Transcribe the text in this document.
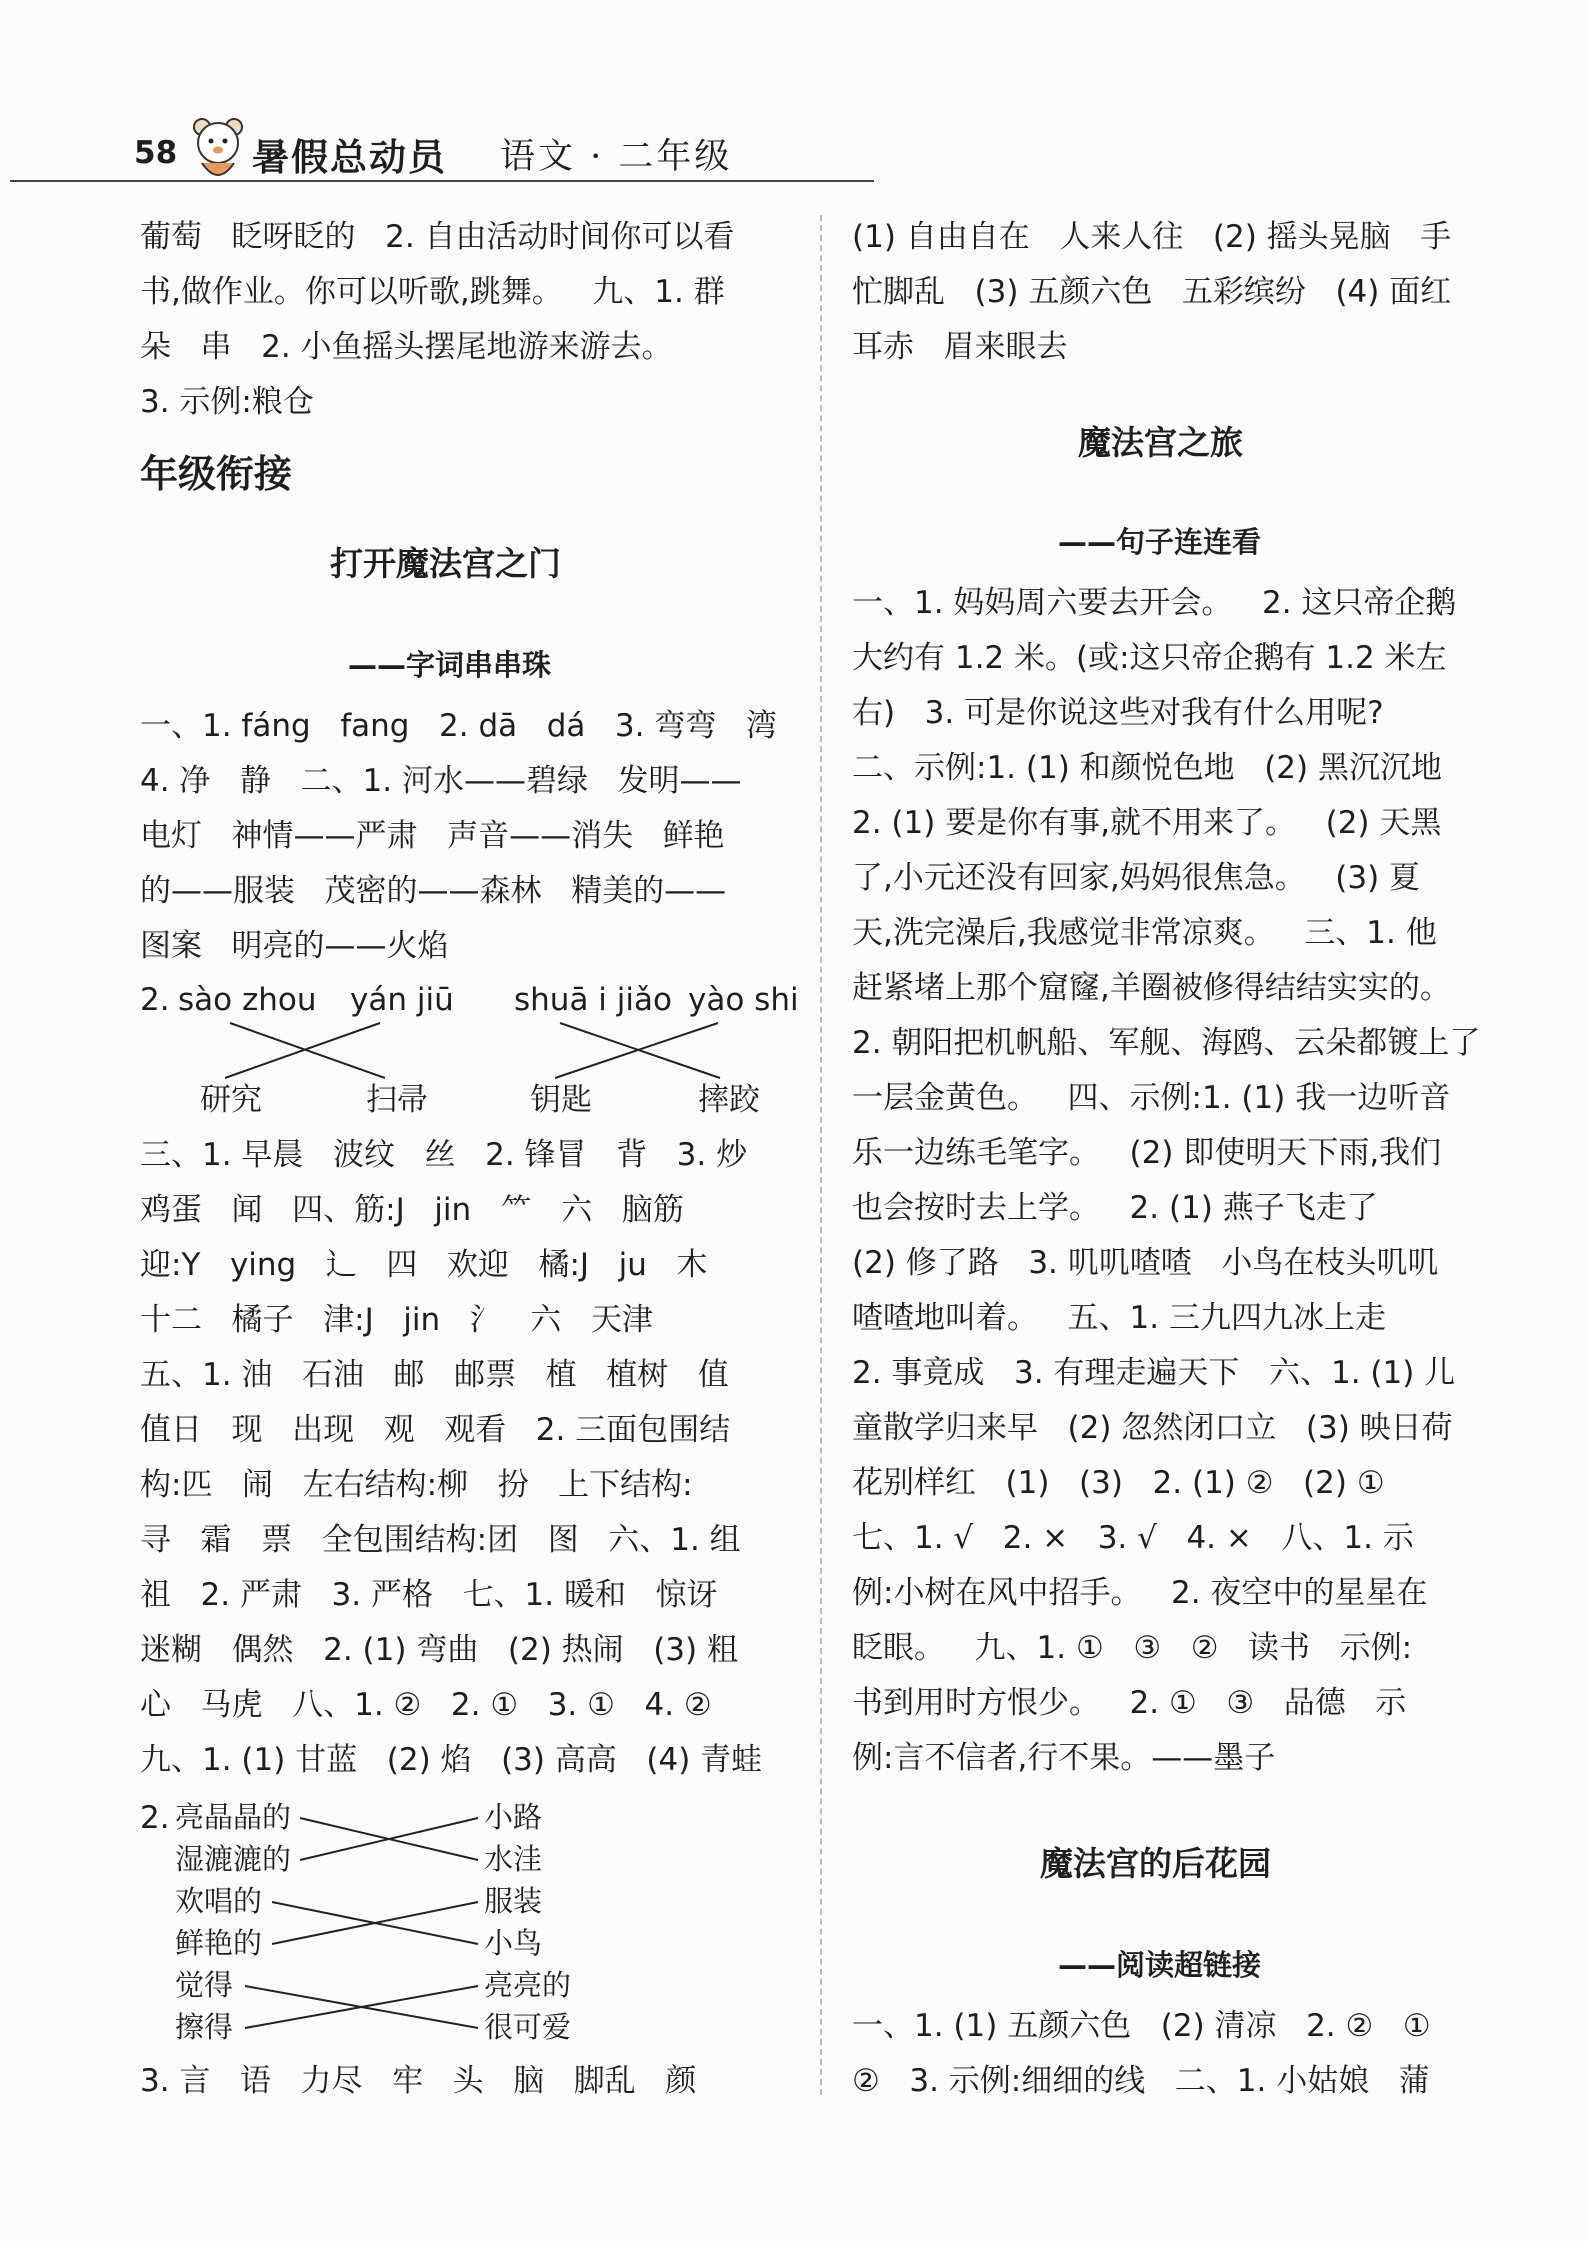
58 暑假总动员 语文 · 二年级
葡萄   眨呀眨的   2. 自由活动时间你可以看
书,做作业。你可以听歌,跳舞。   九、1. 群
朵   串   2. 小鱼摇头摆尾地游来游去。
3. 示例:粮仓
年级衔接
打开魔法宫之门
——字词串串珠
一、1. fáng   fang   2. dā   dá   3. 弯弯   湾
4. 净   静   二、1. 河水——碧绿   发明——
电灯   神情——严肃   声音——消失   鲜艳
的——服装   茂密的——森林   精美的——
图案   明亮的——火焰
2. sào zhou yán jiū shuā i jiǎo yào shi
研究	扫帚	钥匙	摔跤
三、1. 早晨   波纹   丝   2. 锋冒   背   3. 炒
鸡蛋   闻   四、筋:J   jin   ⺮   六   脑筋
迎:Y   ying   ⻌   四   欢迎   橘:J   ju   木
十二   橘子   津:J   jin   氵   六   天津
五、1. 油   石油   邮   邮票   植   植树   值
值日   现   出现   观   观看   2. 三面包围结
构:匹   闹   左右结构:柳   扮   上下结构:
寻   霜   票   全包围结构:团   图   六、1. 组
祖   2. 严肃   3. 严格   七、1. 暖和   惊讶
迷糊   偶然   2. (1) 弯曲   (2) 热闹   (3) 粗
心   马虎   八、1. ②   2. ①   3. ①   4. ②
九、1. (1) 甘蓝   (2) 焰   (3) 高高   (4) 青蛙
2. 亮晶晶的
湿漉漉的
欢唱的
鲜艳的
觉得
擦得
小路
水洼
服装
小鸟
亮亮的
很可爱
3. 言   语   力尽   牢   头   脑   脚乱   颜
(1) 自由自在   人来人往   (2) 摇头晃脑   手
忙脚乱   (3) 五颜六色   五彩缤纷   (4) 面红
耳赤   眉来眼去
魔法宫之旅
——句子连连看
一、1. 妈妈周六要去开会。   2. 这只帝企鹅
大约有 1.2 米。(或:这只帝企鹅有 1.2 米左
右)   3. 可是你说这些对我有什么用呢?
二、示例:1. (1) 和颜悦色地   (2) 黑沉沉地
2. (1) 要是你有事,就不用来了。   (2) 天黑
了,小元还没有回家,妈妈很焦急。   (3) 夏
天,洗完澡后,我感觉非常凉爽。   三、1. 他
赶紧堵上那个窟窿,羊圈被修得结结实实的。
2. 朝阳把机帆船、军舰、海鸥、云朵都镀上了
一层金黄色。   四、示例:1. (1) 我一边听音
乐一边练毛笔字。   (2) 即使明天下雨,我们
也会按时去上学。   2. (1) 燕子飞走了
(2) 修了路   3. 叽叽喳喳   小鸟在枝头叽叽
喳喳地叫着。   五、1. 三九四九冰上走
2. 事竟成   3. 有理走遍天下   六、1. (1) 儿
童散学归来早   (2) 忽然闭口立   (3) 映日荷
花别样红   (1)   (3)   2. (1) ②   (2) ①
七、1. √   2. ×   3. √   4. ×   八、1. 示
例:小树在风中招手。   2. 夜空中的星星在
眨眼。   九、1. ①   ③   ②   读书   示例:
书到用时方恨少。   2. ①   ③   品德   示
例:言不信者,行不果。——墨子
魔法宫的后花园
——阅读超链接
一、1. (1) 五颜六色   (2) 清凉   2. ②   ①
②   3. 示例:细细的线   二、1. 小姑娘   蒲
